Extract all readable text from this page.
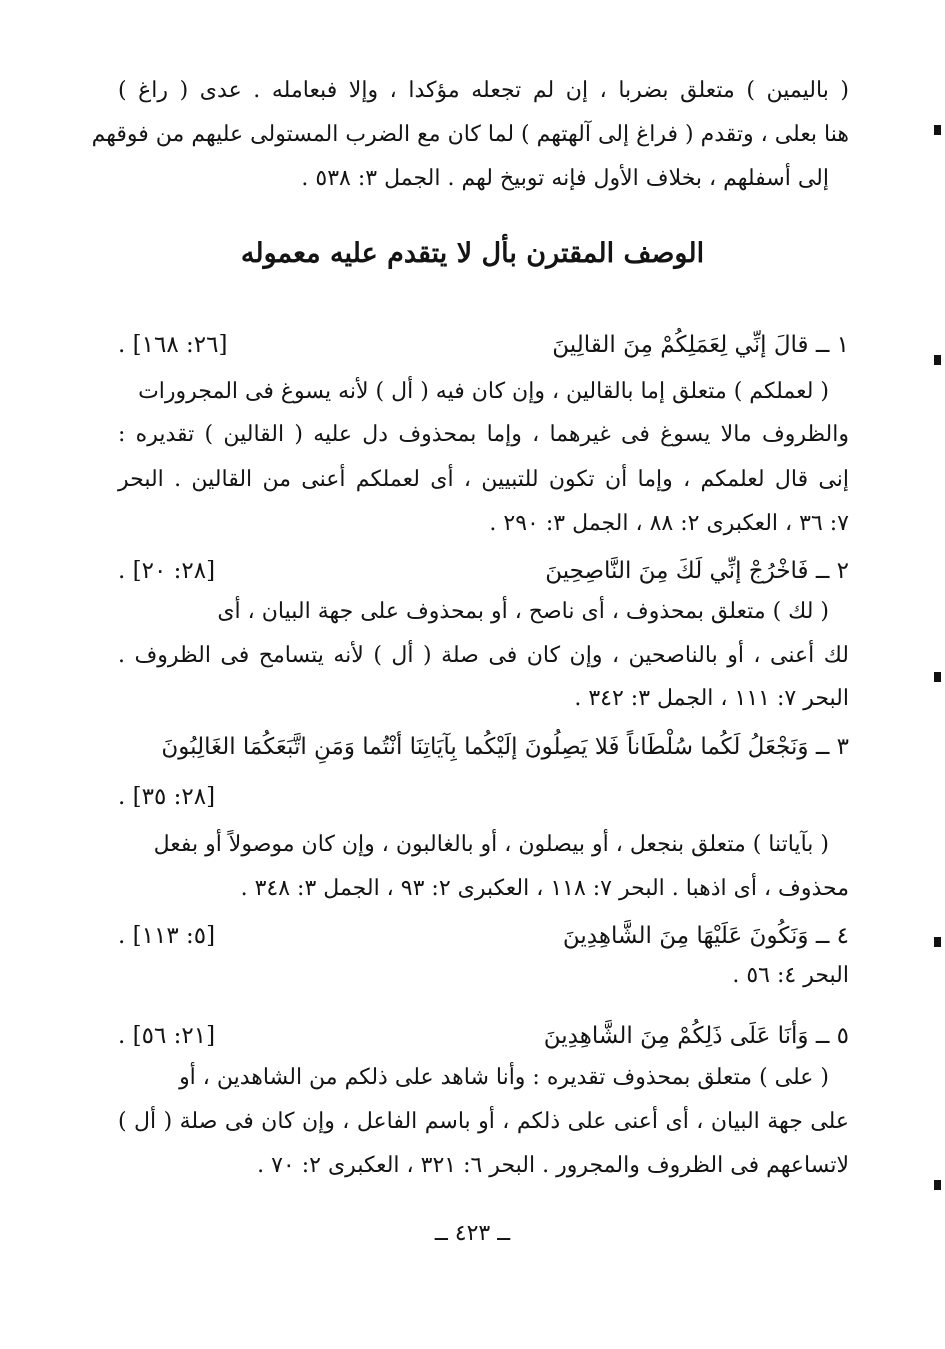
( باليمين ) متعلق بضربا ، إن لم تجعله مؤكدا ، وإلا فبعامله . عدى ( راغ )
هنا بعلى ، وتقدم ( فراغ إلى آلهتهم ) لما كان مع الضرب المستولى عليهم من فوقهم
إلى أسفلهم ، بخلاف الأول فإنه توبيخ لهم . الجمل ٣: ٥٣٨ .
الوصف المقترن بأل لا يتقدم عليه معموله
١ ــ قالَ إنِّي لِعَمَلِكُمْ مِنَ القالِينَ
[٢٦: ١٦٨] .
( لعملكم ) متعلق إما بالقالين ، وإن كان فيه ( أل ) لأنه يسوغ فى المجرورات
والظروف مالا يسوغ فى غيرهما ، وإما بمحذوف دل عليه ( القالين ) تقديره :
إنى قال لعلمكم ، وإما أن تكون للتبيين ، أى لعملكم أعنى من القالين . البحر
٧: ٣٦ ، العكبرى ٢: ٨٨ ، الجمل ٣: ٢٩٠ .
٢ ــ فَاخْرُجْ إنِّي لَكَ مِنَ النَّاصِحِينَ
[٢٨: ٢٠] .
( لك ) متعلق بمحذوف ، أى ناصح ، أو بمحذوف على جهة البيان ، أى
لك أعنى ، أو بالناصحين ، وإن كان فى صلة ( أل ) لأنه يتسامح فى الظروف .
البحر ٧: ١١١ ، الجمل ٣: ٣٤٢ .
٣ ــ وَنَجْعَلُ لَكُما سُلْطَاناً فَلا يَصِلُونَ إلَيْكُما بِآيَاتِنَا أنْتُما وَمَنِ اتَّبَعَكُمَا الغَالِبُونَ
[٢٨: ٣٥] .
( بآياتنا ) متعلق بنجعل ، أو بيصلون ، أو بالغالبون ، وإن كان موصولاً أو بفعل
محذوف ، أى اذهبا . البحر ٧: ١١٨ ، العكبرى ٢: ٩٣ ، الجمل ٣: ٣٤٨ .
٤ ــ وَنَكُونَ عَلَيْهَا مِنَ الشَّاهِدِينَ
[٥: ١١٣] .
البحر ٤: ٥٦ .
٥ ــ وَأنَا عَلَى ذَلِكُمْ مِنَ الشَّاهِدِينَ
[٢١: ٥٦] .
( على ) متعلق بمحذوف تقديره : وأنا شاهد على ذلكم من الشاهدين ، أو
على جهة البيان ، أى أعنى على ذلكم ، أو باسم الفاعل ، وإن كان فى صلة ( أل )
لاتساعهم فى الظروف والمجرور . البحر ٦: ٣٢١ ، العكبرى ٢: ٧٠ .
ــ ٤٢٣ ــ
